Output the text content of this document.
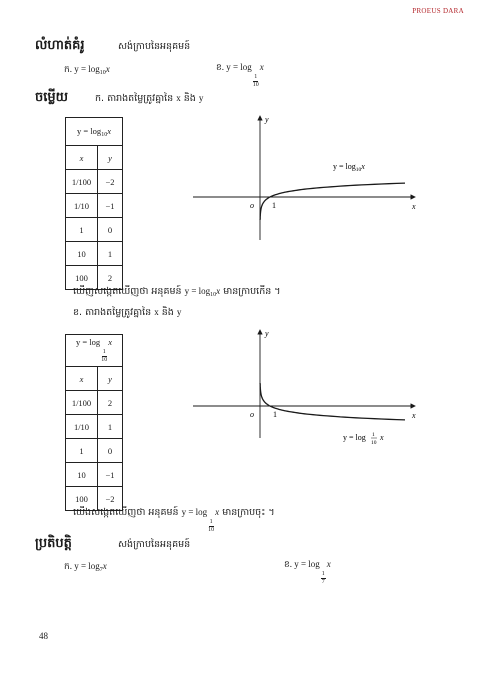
PROEUS DARA
លំហាត់គំរូ	សង់ក្រាបនៃអនុគមន៍
ក. $y = \log_{10}x$	ខ. y = log
$\frac{1}{10}$
x
ចម្លើយ	ក. តារាងតម្លៃត្រូវគ្នានៃ x និង y
$y = \log_{10}x$	
x	y
1/100	−2
1/10	−1
1	0
10	1
100	2
y
x
o 1
$y = \log_{10}x$
ឃើញសង្កេតឃើញថា អនុគមន៍ $y = \log_{10}x$ មានក្រាបកើន ។
ខ. តារាងតម្លៃត្រូវគ្នានៃ x និង y
y = log
$\frac{1}{10}$
x	
x	y
1/100	2
1/10	1
1	0
10	−1
100	−2
y
x
o 1
y = log 1
10
x
យើងសង្កេតឃើញថា អនុគមន៍ y = log
$\frac{1}{10}$
x មានក្រាបចុះ ។
ប្រតិបត្តិ	សង់ក្រាបនៃអនុគមន៍
ក. $y = \log_7x$	ខ. y = log
$\frac{1}{7}$
x
48
